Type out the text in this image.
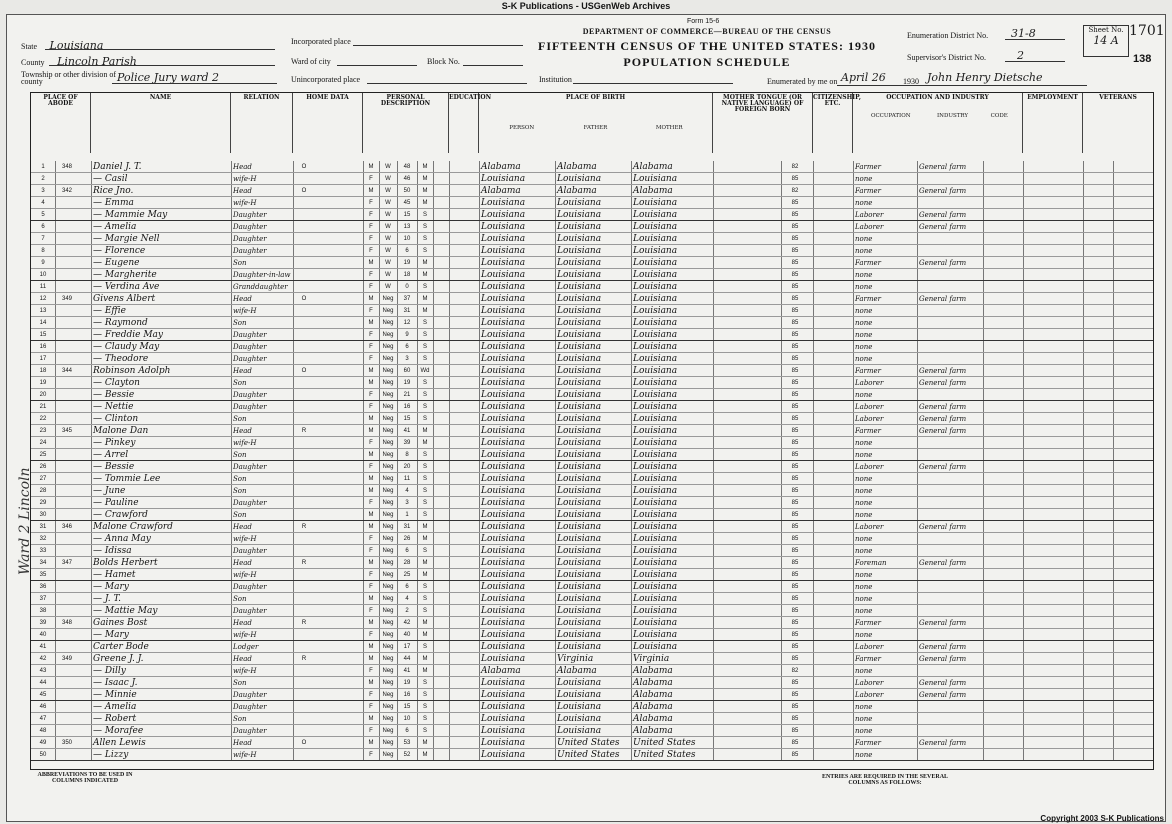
S-K Publications - USGenWeb Archives
Form 15-6
DEPARTMENT OF COMMERCE—BUREAU OF THE CENSUS
FIFTEENTH CENSUS OF THE UNITED STATES: 1930
POPULATION SCHEDULE
State Louisiana
County Lincoln Parish
Township or other division of county	Police Jury ward 2
Incorporated place
Ward of city	Block No.
Unincorporated place	Institution
Enumeration District No. 31-8
Supervisor's District No.	2
Enumerated by me on April 26 1930 John Henry Dietsche
Sheet No.
14 A
1701
138
Ward 2 Lincoln
PLACE OF ABODE
NAME	RELATION	HOME DATA	PERSONAL DESCRIPTION
EDUCATION	PLACE OF BIRTH

PERSON	FATHER	MOTHER
MOTHER TONGUE (OR NATIVE LANGUAGE) OF FOREIGN BORN
CITIZENSHIP, ETC.
OCCUPATION AND INDUSTRY

OCCUPATION	INDUSTRY	CODE
EMPLOYMENT	VETERANS
1	348	Daniel J. T.	Head	O	M	W	48	M	Alabama	Alabama	Alabama	82	Farmer	General farm
2	— Casil	wife-H	F	W	46	M	Louisiana	Louisiana	Louisiana	85	none
3	342	Rice Jno.	Head	O	M	W	50	M	Alabama	Alabama	Alabama	82	Farmer	General farm
4	— Emma	wife-H	F	W	45	M	Louisiana	Louisiana	Louisiana	85	none
5	— Mammie May	Daughter	F	W	15	S	Louisiana	Louisiana	Louisiana	85	Laborer	General farm
6	— Amelia	Daughter	F	W	13	S	Louisiana	Louisiana	Louisiana	85	Laborer	General farm
7	— Margie Nell	Daughter	F	W	10	S	Louisiana	Louisiana	Louisiana	85	none
8	— Florence	Daughter	F	W	6	S	Louisiana	Louisiana	Louisiana	85	none
9	— Eugene	Son	M	W	19	M	Louisiana	Louisiana	Louisiana	85	Farmer	General farm
10	— Margherite	Daughter-in-law	F	W	18	M	Louisiana	Louisiana	Louisiana	85	none
11	— Verdina Ave	Granddaughter	F	W	0	S	Louisiana	Louisiana	Louisiana	85	none
12	349	Givens Albert	Head	O	M	Neg	37	M	Louisiana	Louisiana	Louisiana	85	Farmer	General farm
13	— Effie	wife-H	F	Neg	31	M	Louisiana	Louisiana	Louisiana	85	none
14	— Raymond	Son	M	Neg	12	S	Louisiana	Louisiana	Louisiana	85	none
15	— Freddie May	Daughter	F	Neg	9	S	Louisiana	Louisiana	Louisiana	85	none
16	— Claudy May	Daughter	F	Neg	6	S	Louisiana	Louisiana	Louisiana	85	none
17	— Theodore	Daughter	F	Neg	3	S	Louisiana	Louisiana	Louisiana	85	none
18	344	Robinson Adolph	Head	O	M	Neg	60	Wd	Louisiana	Louisiana	Louisiana	85	Farmer	General farm
19	— Clayton	Son	M	Neg	19	S	Louisiana	Louisiana	Louisiana	85	Laborer	General farm
20	— Bessie	Daughter	F	Neg	21	S	Louisiana	Louisiana	Louisiana	85	none
21	— Nettie	Daughter	F	Neg	16	S	Louisiana	Louisiana	Louisiana	85	Laborer	General farm
22	— Clinton	Son	M	Neg	15	S	Louisiana	Louisiana	Louisiana	85	Laborer	General farm
23	345	Malone Dan	Head	R	M	Neg	41	M	Louisiana	Louisiana	Louisiana	85	Farmer	General farm
24	— Pinkey	wife-H	F	Neg	39	M	Louisiana	Louisiana	Louisiana	85	none
25	— Arrel	Son	M	Neg	8	S	Louisiana	Louisiana	Louisiana	85	none
26	— Bessie	Daughter	F	Neg	20	S	Louisiana	Louisiana	Louisiana	85	Laborer	General farm
27	— Tommie Lee	Son	M	Neg	11	S	Louisiana	Louisiana	Louisiana	85	none
28	— June	Son	M	Neg	4	S	Louisiana	Louisiana	Louisiana	85	none
29	— Pauline	Daughter	F	Neg	3	S	Louisiana	Louisiana	Louisiana	85	none
30	— Crawford	Son	M	Neg	1	S	Louisiana	Louisiana	Louisiana	85	none
31	346	Malone Crawford	Head	R	M	Neg	31	M	Louisiana	Louisiana	Louisiana	85	Laborer	General farm
32	— Anna May	wife-H	F	Neg	26	M	Louisiana	Louisiana	Louisiana	85	none
33	— Idissa	Daughter	F	Neg	6	S	Louisiana	Louisiana	Louisiana	85	none
34	347	Bolds Herbert	Head	R	M	Neg	28	M	Louisiana	Louisiana	Louisiana	85	Foreman	General farm
35	— Hamet	wife-H	F	Neg	25	M	Louisiana	Louisiana	Louisiana	85	none
36	— Mary	Daughter	F	Neg	6	S	Louisiana	Louisiana	Louisiana	85	none
37	— J. T.	Son	M	Neg	4	S	Louisiana	Louisiana	Louisiana	85	none
38	— Mattie May	Daughter	F	Neg	2	S	Louisiana	Louisiana	Louisiana	85	none
39	348	Gaines Bost	Head	R	M	Neg	42	M	Louisiana	Louisiana	Louisiana	85	Farmer	General farm
40	— Mary	wife-H	F	Neg	40	M	Louisiana	Louisiana	Louisiana	85	none
41	Carter Bode	Lodger	M	Neg	17	S	Louisiana	Louisiana	Louisiana	85	Laborer	General farm
42	349	Greene J. J.	Head	R	M	Neg	44	M	Louisiana	Virginia	Virginia	85	Farmer	General farm
43	— Dilly	wife-H	F	Neg	41	M	Alabama	Alabama	Alabama	82	none
44	— Isaac J.	Son	M	Neg	19	S	Louisiana	Louisiana	Alabama	85	Laborer	General farm
45	— Minnie	Daughter	F	Neg	16	S	Louisiana	Louisiana	Alabama	85	Laborer	General farm
46	— Amelia	Daughter	F	Neg	15	S	Louisiana	Louisiana	Alabama	85	none
47	— Robert	Son	M	Neg	10	S	Louisiana	Louisiana	Alabama	85	none
48	— Morafee	Daughter	F	Neg	6	S	Louisiana	Louisiana	Alabama	85	none
49	350	Allen Lewis	Head	O	M	Neg	53	M	Louisiana	United States	United States	85	Farmer	General farm
50	— Lizzy	wife-H	F	Neg	52	M	Louisiana	United States	United States	85	none
ABBREVIATIONS TO BE USED IN COLUMNS INDICATED
ENTRIES ARE REQUIRED IN THE SEVERAL COLUMNS AS FOLLOWS:
Copyright 2003 S-K Publications
